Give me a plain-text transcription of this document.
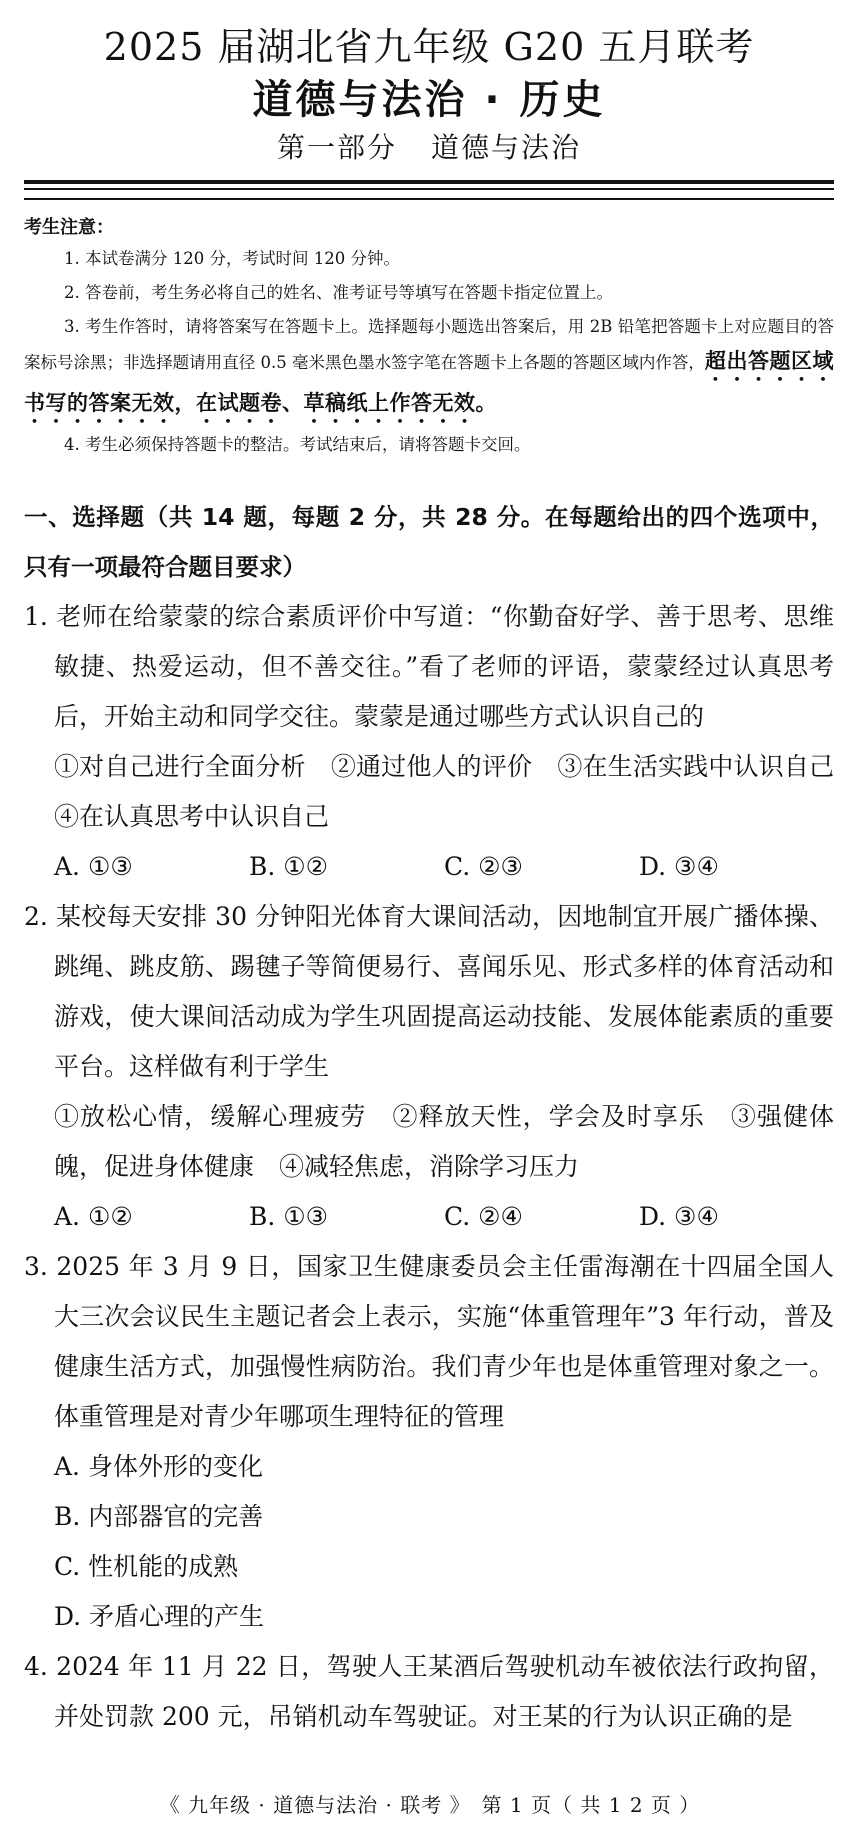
2025 届湖北省九年级 G20 五月联考
道德与法治 · 历史
第一部分 道德与法治
考生注意：
1. 本试卷满分 120 分，考试时间 120 分钟。
2. 答卷前，考生务必将自己的姓名、准考证号等填写在答题卡指定位置上。
3. 考生作答时，请将答案写在答题卡上。选择题每小题选出答案后，用 2B 铅笔把答题卡上对应题目的答案标号涂黑；非选择题请用直径 0.5 毫米黑色墨水签字笔在答题卡上各题的答题区域内作答，超出答题区域书写的答案无效，在试题卷、草稿纸上作答无效。
4. 考生必须保持答题卡的整洁。考试结束后，请将答题卡交回。
一、选择题（共 14 题，每题 2 分，共 28 分。在每题给出的四个选项中，只有一项最符合题目要求）
1. 老师在给蒙蒙的综合素质评价中写道：“你勤奋好学、善于思考、思维敏捷、热爱运动，但不善交往。”看了老师的评语，蒙蒙经过认真思考后，开始主动和同学交往。蒙蒙是通过哪些方式认识自己的
①对自己进行全面分析　②通过他人的评价　③在生活实践中认识自己　④在认真思考中认识自己
A. ①③	B. ①②	C. ②③	D. ③④
2. 某校每天安排 30 分钟阳光体育大课间活动，因地制宜开展广播体操、跳绳、跳皮筋、踢毽子等简便易行、喜闻乐见、形式多样的体育活动和游戏，使大课间活动成为学生巩固提高运动技能、发展体能素质的重要平台。这样做有利于学生
①放松心情，缓解心理疲劳　②释放天性，学会及时享乐　③强健体魄，促进身体健康　④减轻焦虑，消除学习压力
A. ①②	B. ①③	C. ②④	D. ③④
3. 2025 年 3 月 9 日，国家卫生健康委员会主任雷海潮在十四届全国人大三次会议民生主题记者会上表示，实施“体重管理年”3 年行动，普及健康生活方式，加强慢性病防治。我们青少年也是体重管理对象之一。体重管理是对青少年哪项生理特征的管理
A. 身体外形的变化
B. 内部器官的完善
C. 性机能的成熟
D. 矛盾心理的产生
4. 2024 年 11 月 22 日，驾驶人王某酒后驾驶机动车被依法行政拘留，并处罚款 200 元，吊销机动车驾驶证。对王某的行为认识正确的是
《 九年级 · 道德与法治 · 联考 》　第 1 页（ 共 1 2 页 ）
